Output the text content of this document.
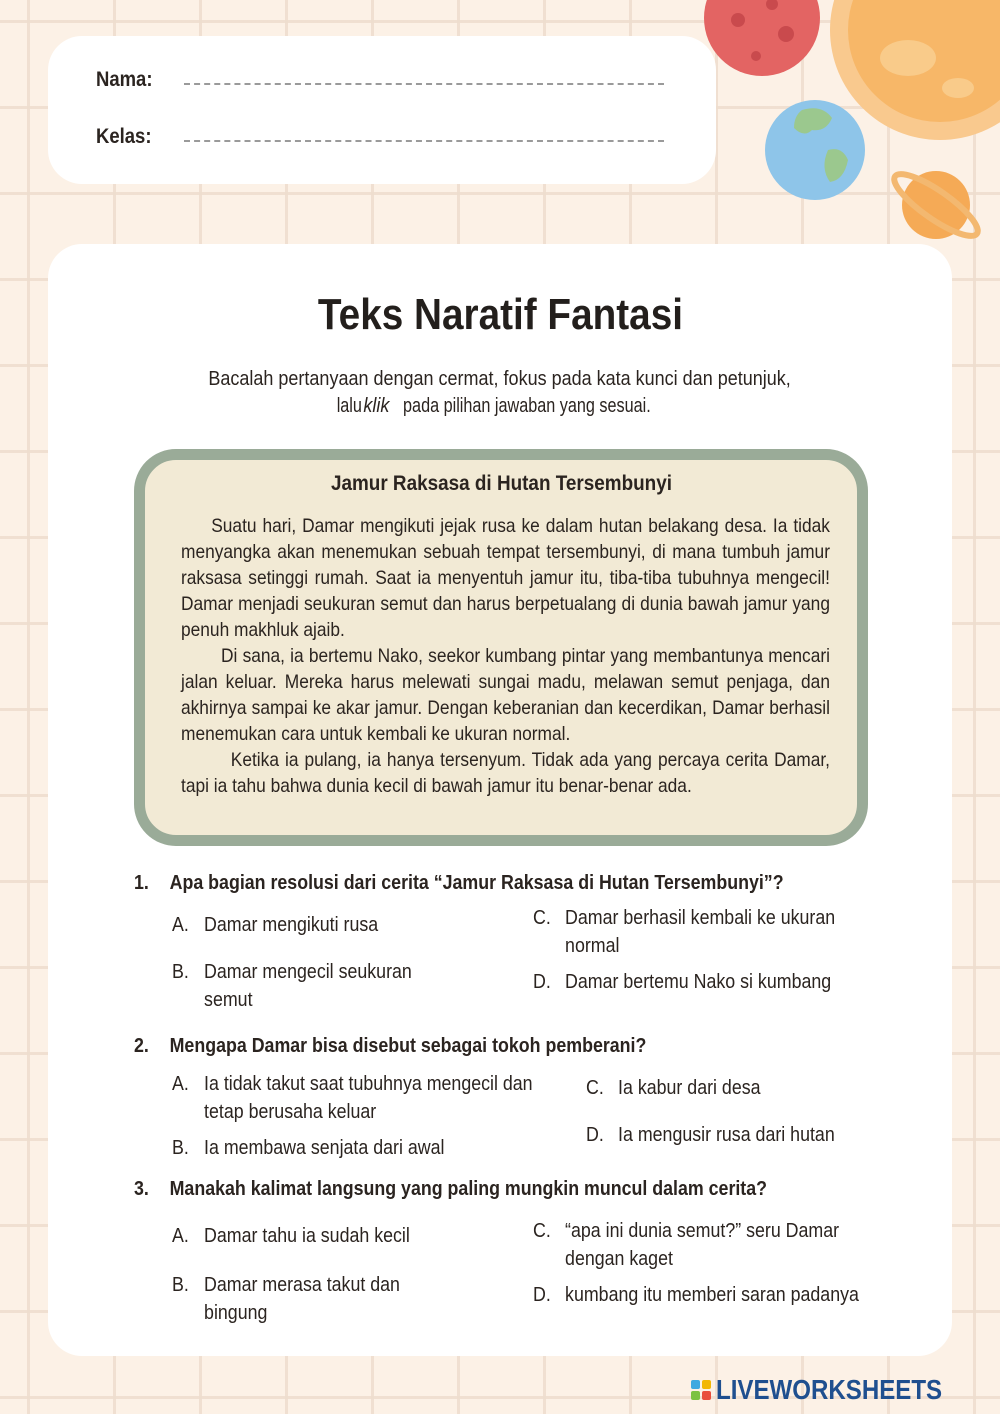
Nama:
Kelas:
Teks Naratif Fantasi
Bacalah pertanyaan dengan cermat, fokus pada kata kunci dan petunjuk,
laluklikpada pilihan jawaban yang sesuai.
Jamur Raksasa di Hutan Tersembunyi

Suatu hari, Damar mengikuti jejak rusa ke dalam hutan belakang desa. Ia tidak menyangka akan menemukan sebuah tempat tersembunyi, di mana tumbuh jamur raksasa setinggi rumah. Saat ia menyentuh jamur itu, tiba-tiba tubuhnya mengecil! Damar menjadi seukuran semut dan harus berpetualang di dunia bawah jamur yang penuh makhluk ajaib.

Di sana, ia bertemu Nako, seekor kumbang pintar yang membantunya mencari jalan keluar. Mereka harus melewati sungai madu, melawan semut penjaga, dan akhirnya sampai ke akar jamur. Dengan keberanian dan kecerdikan, Damar berhasil menemukan cara untuk kembali ke ukuran normal.

Ketika ia pulang, ia hanya tersenyum. Tidak ada yang percaya cerita Damar, tapi ia tahu bahwa dunia kecil di bawah jamur itu benar-benar ada.

1. Apa bagian resolusi dari cerita “Jamur Raksasa di Hutan Tersembunyi”?
A. Damar mengikuti rusa
B. Damar mengecil seukuran semut
C. Damar berhasil kembali ke ukuran normal
D. Damar bertemu Nako si kumbang
2. Mengapa Damar bisa disebut sebagai tokoh pemberani?
A. Ia tidak takut saat tubuhnya mengecil dan tetap berusaha keluar
B. Ia membawa senjata dari awal
C. Ia kabur dari desa
D. Ia mengusir rusa dari hutan
3. Manakah kalimat langsung yang paling mungkin muncul dalam cerita?
A. Damar tahu ia sudah kecil
B. Damar merasa takut dan bingung
C. “apa ini dunia semut?” seru Damar dengan kaget
D. kumbang itu memberi saran padanya
LIVEWORKSHEETS
